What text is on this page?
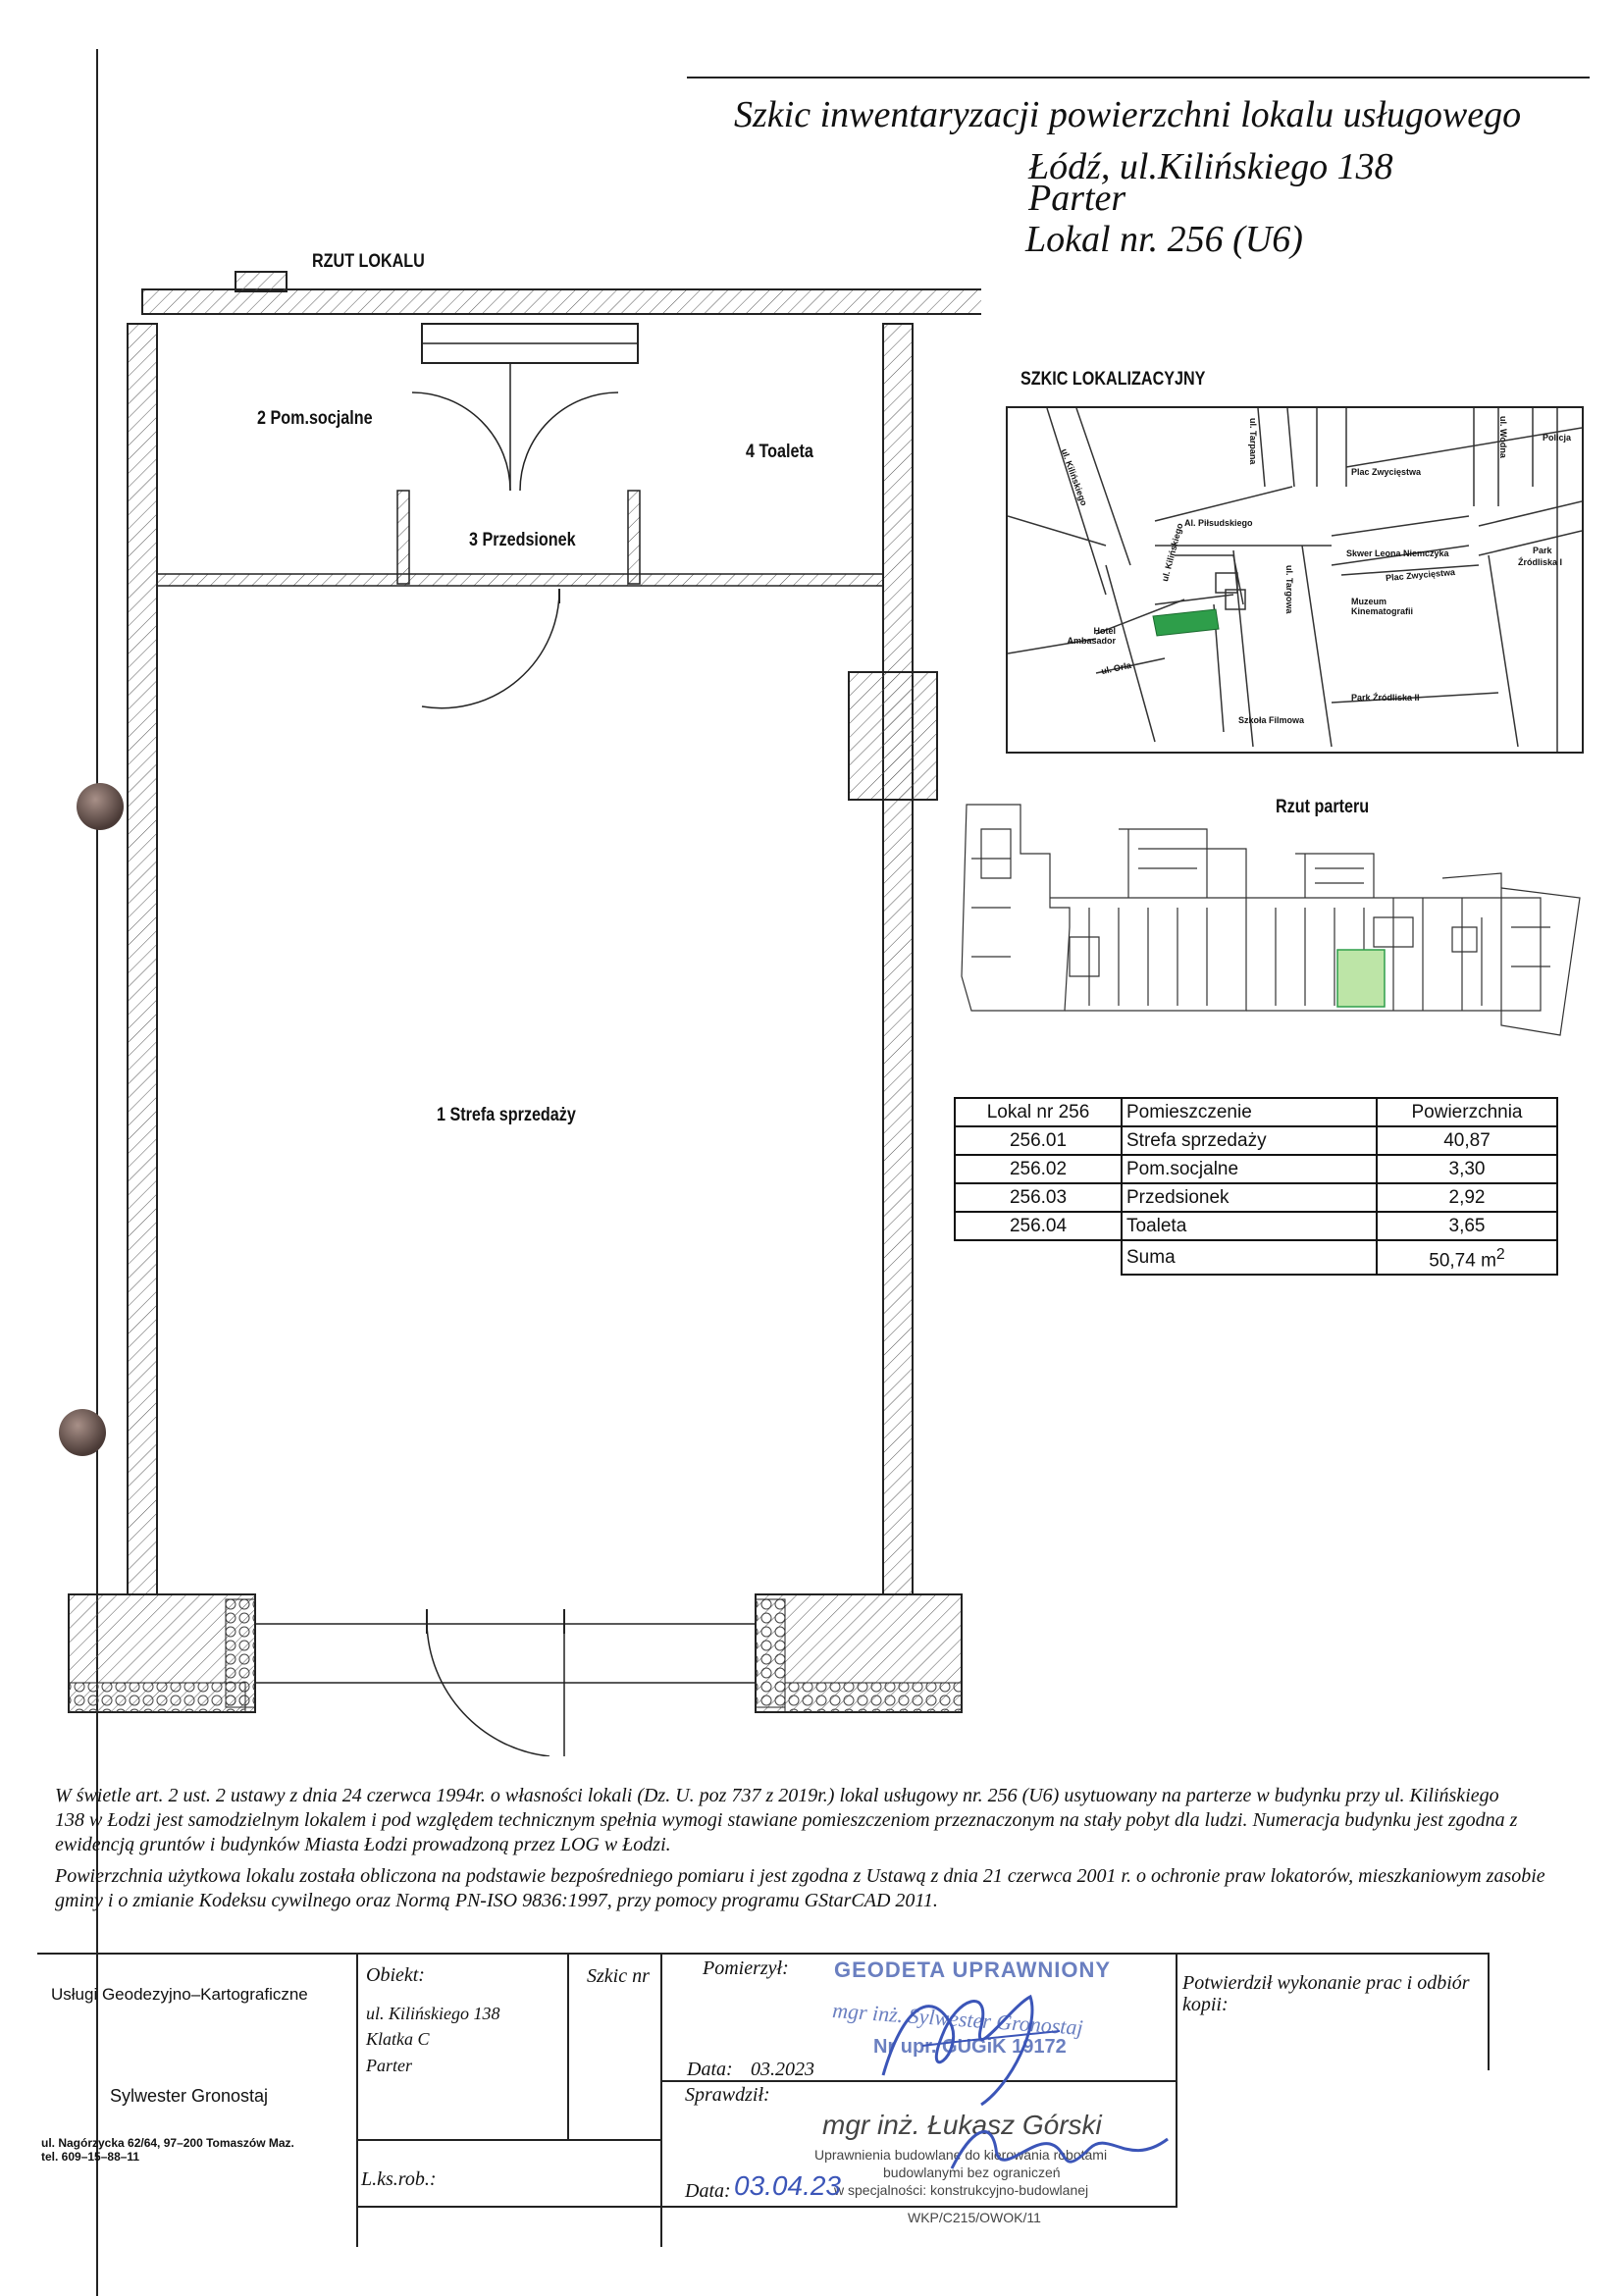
Szkic inwentaryzacji powierzchni lokalu usługowego
Łódź, ul.Kilińskiego 138
Parter
Lokal nr. 256 (U6)
RZUT LOKALU
2 Pom.socjalne
4 Toaleta
3 Przedsionek
1 Strefa sprzedaży
SZKIC LOKALIZACYJNY
ul. Tarpana	ul. Wodna	Policja
Plac Zwycięstwa
ul. Kilińskiego
Al. Piłsudskiego
Skwer Leona Niemczyka	Park
Źródliska I
Plac Zwycięstwa
Muzeum Kinematografii
Hotel Ambasador
ul. Orla
Park Źródliska II
Szkoła Filmowa
ul. Targowa
ul. Kilińskiego
Rzut parteru
Lokal nr 256	Pomieszczenie	Powierzchnia
256.01	Strefa sprzedaży	40,87
256.02	Pom.socjalne	3,30
256.03	Przedsionek	2,92
256.04	Toaleta	3,65
	Suma	50,74 $m^2$
W świetle art. 2 ust. 2 ustawy z dnia 24 czerwca 1994r. o własności lokali (Dz. U. poz 737 z 2019r.) lokal usługowy nr. 256 (U6) usytuowany na parterze w budynku przy ul. Kilińskiego 138 w Łodzi jest samodzielnym lokalem i pod względem technicznym spełnia wymogi stawiane pomieszczeniom przeznaczonym na stały pobyt dla ludzi. Numeracja budynku jest zgodna z ewidencją gruntów i budynków Miasta Łodzi prowadzoną przez LOG w Łodzi.
Powierzchnia użytkowa lokalu została obliczona na podstawie bezpośredniego pomiaru i jest zgodna z Ustawą z dnia 21 czerwca 2001 r. o ochronie praw lokatorów, mieszkaniowym zasobie gminy i o zmianie Kodeksu cywilnego oraz Normą PN-ISO 9836:1997, przy pomocy programu GStarCAD 2011.
Usługi Geodezyjno–Kartograficzne
Sylwester Gronostaj
ul. Nagórzycka 62/64, 97–200 Tomaszów Maz.
tel. 609–15–88–11
Obiekt:
ul. Kilińskiego 138
Klatka C
Parter
L.ks.rob.:
Szkic nr	Pomierzył: GEODETA UPRAWNIONY
mgr inż. Sylwester Gronostaj
Nr upr. GUGiK 19172
Data: 03.2023
Sprawdził:
mgr inż. Łukasz Górski
Uprawnienia budowlane do kierowania robotami
budowlanymi bez ograniczeń
w specjalności: konstrukcyjno-budowlanej
WKP/C215/OWOK/11
Data: 03.04.23
Potwierdził wykonanie prac i odbiór kopii:
